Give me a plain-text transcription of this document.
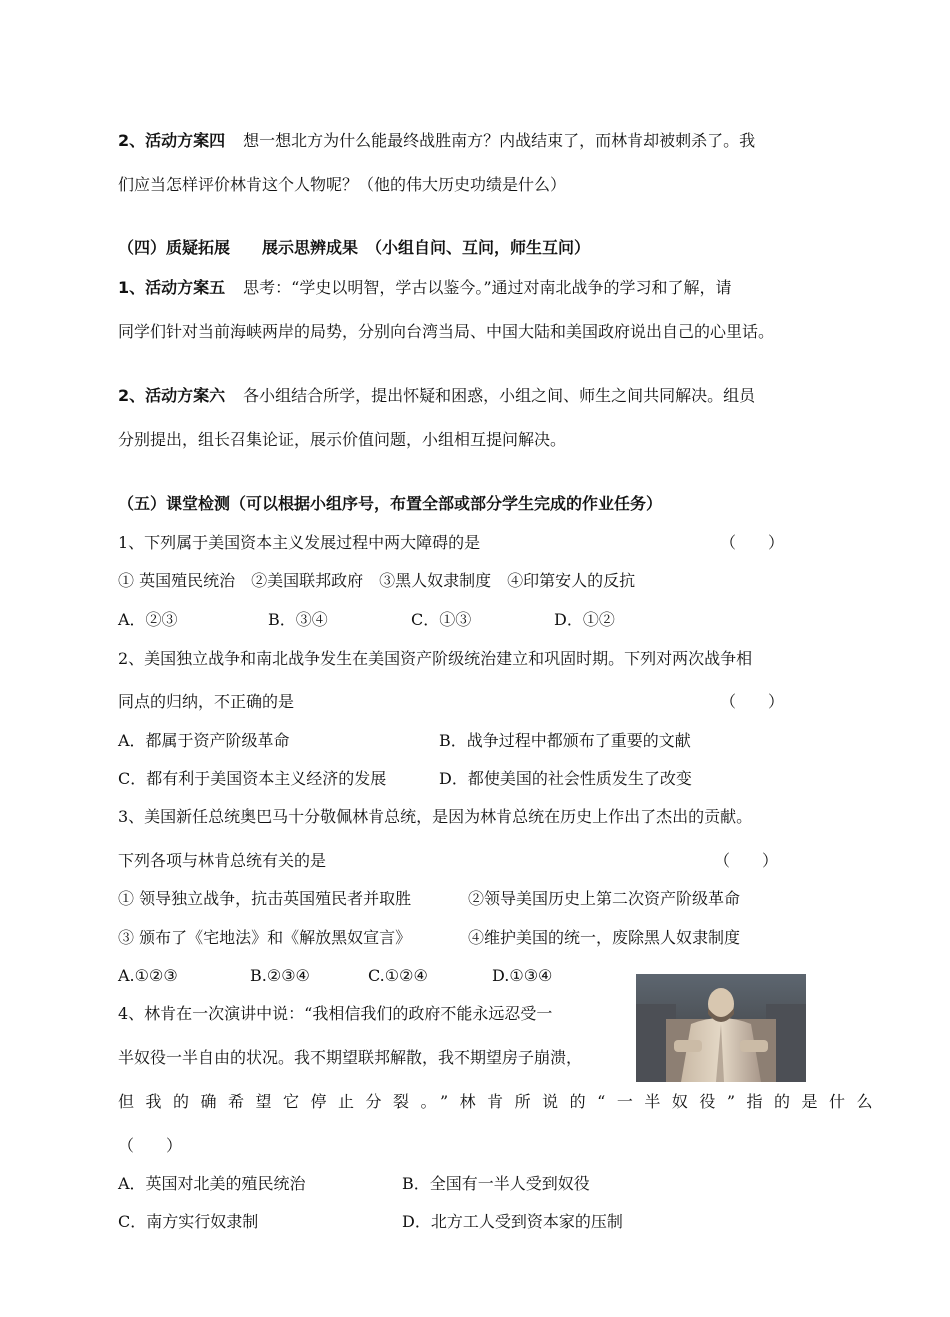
2、活动方案四 想一想北方为什么能最终战胜南方？内战结束了，而林肯却被刺杀了。我
们应当怎样评价林肯这个人物呢？（他的伟大历史功绩是什么）
（四）质疑拓展　　展示思辨成果　（小组自问、互问，师生互问）
1、活动方案五 思考：“学史以明智，学古以鉴今。”通过对南北战争的学习和了解，请
同学们针对当前海峡两岸的局势，分别向台湾当局、中国大陆和美国政府说出自己的心里话。
2、活动方案六 各小组结合所学，提出怀疑和困惑，小组之间、师生之间共同解决。组员
分别提出，组长召集论证，展示价值问题，小组相互提问解决。
（五）课堂检测（可以根据小组序号，布置全部或部分学生完成的作业任务）
1、下列属于美国资本主义发展过程中两大障碍的是	（　　）
① 英国殖民统治　②美国联邦政府　③黑人奴隶制度　④印第安人的反抗
A．②③	B．③④	C．①③	D．①②
2、美国独立战争和南北战争发生在美国资产阶级统治建立和巩固时期。下列对两次战争相
同点的归纳，不正确的是	（　　）
A．都属于资产阶级革命	B．战争过程中都颁布了重要的文献
C．都有利于美国资本主义经济的发展	D．都使美国的社会性质发生了改变
3、美国新任总统奥巴马十分敬佩林肯总统，是因为林肯总统在历史上作出了杰出的贡献。
下列各项与林肯总统有关的是	（　　）
① 领导独立战争，抗击英国殖民者并取胜	②领导美国历史上第二次资产阶级革命
③ 颁布了《宅地法》和《解放黑奴宣言》	④维护美国的统一，废除黑人奴隶制度
A.①②③	B.②③④	C.①②④	D.①③④
4、林肯在一次演讲中说：“我相信我们的政府不能永远忍受一
半奴役一半自由的状况。我不期望联邦解散，我不期望房子崩溃，
但我的确希望它停止分裂。”林肯所说的“一半奴役”指的是什么
（　　）
A．英国对北美的殖民统治	B．全国有一半人受到奴役
C．南方实行奴隶制	D．北方工人受到资本家的压制
